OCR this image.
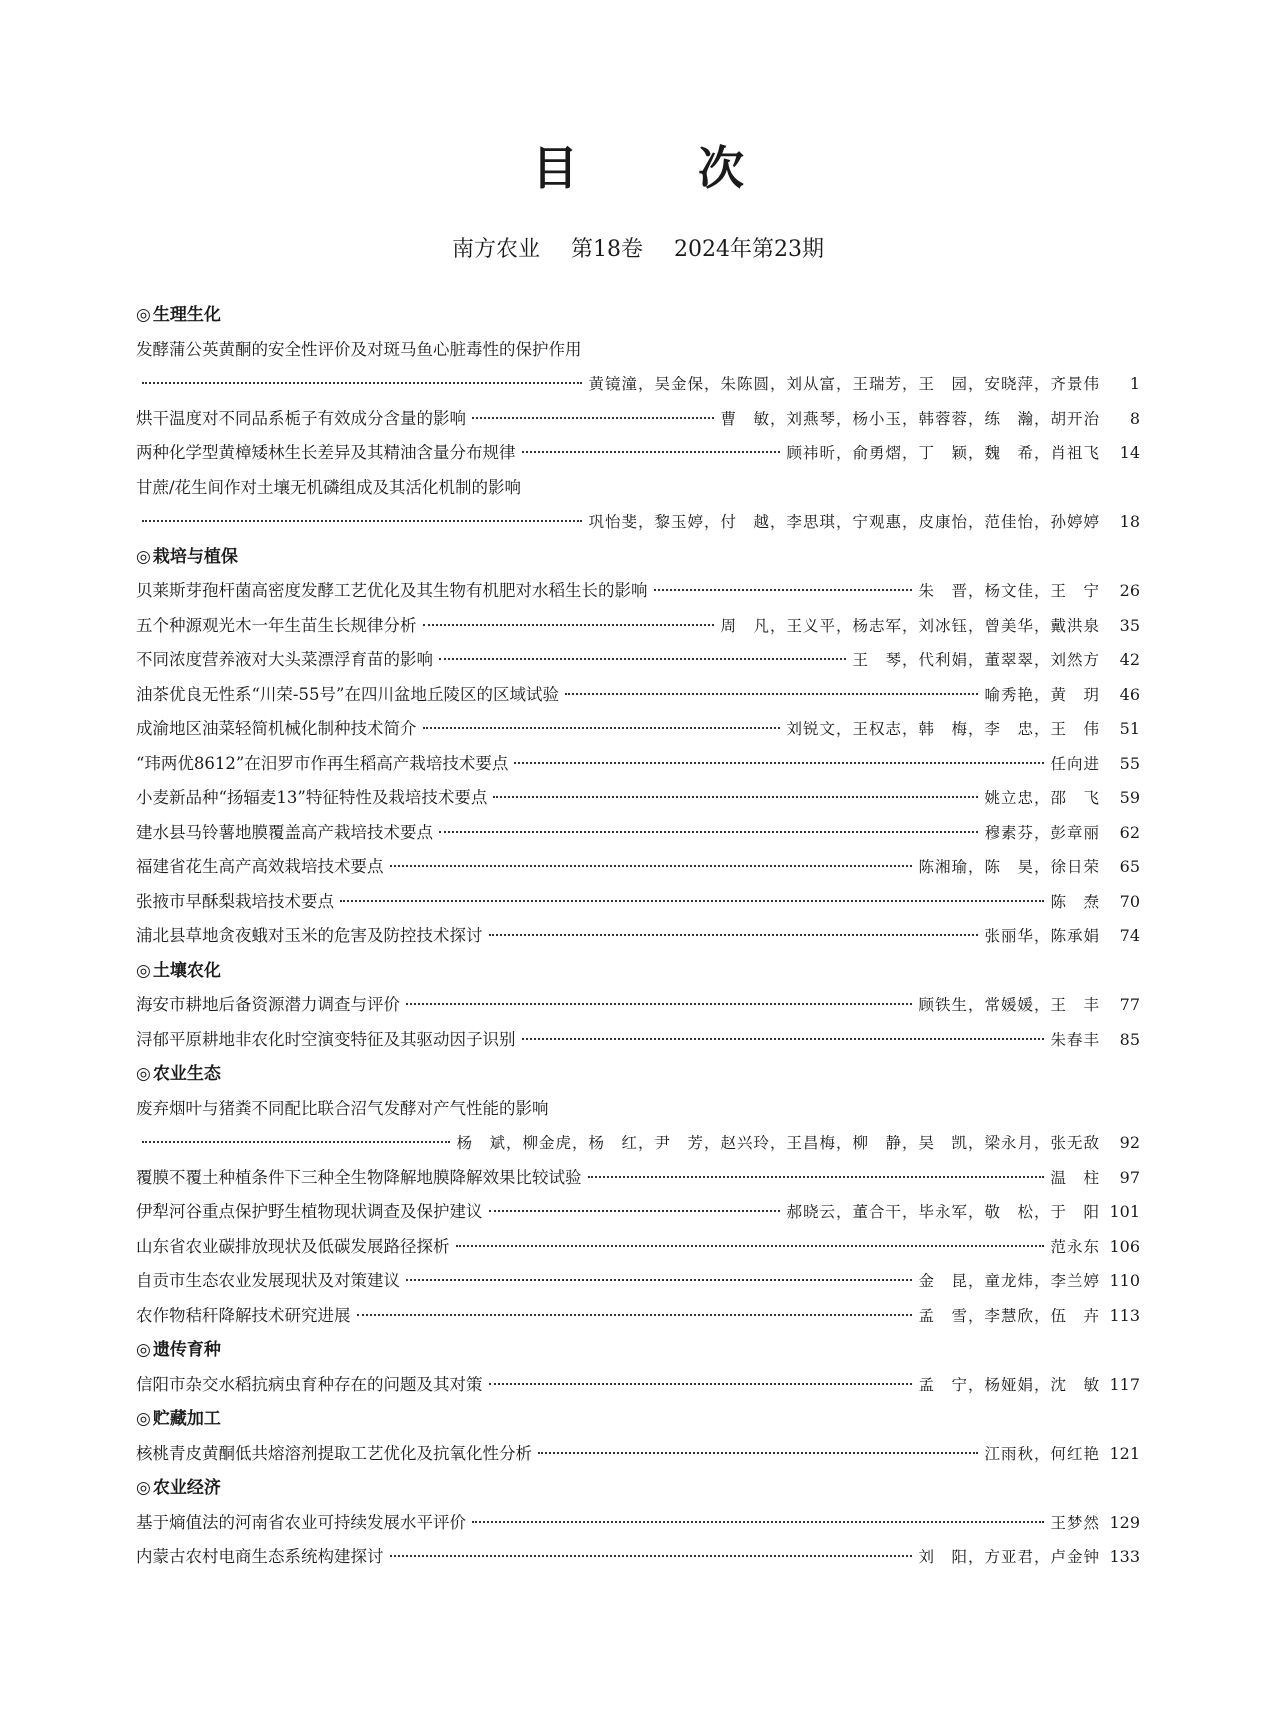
目 次

南方农业 第18卷 2024年第23期

◎ 生理生化
发酵蒲公英黄酮的安全性评价及对斑马鱼心脏毒性的保护作用
黄镜潼，吴金保，朱陈圆，刘从富，王瑞芳，王　园，安晓萍，齐景伟	1
烘干温度对不同品系栀子有效成分含量的影响	曹　敏，刘燕琴，杨小玉，韩蓉蓉，练　瀚，胡开治	8
两种化学型黄樟矮林生长差异及其精油含量分布规律	顾祎昕，俞勇熠，丁　颖，魏　希，肖祖飞	14
甘蔗/花生间作对土壤无机磷组成及其活化机制的影响
巩怡斐，黎玉婷，付　越，李思琪，宁观惠，皮康怡，范佳怡，孙婷婷	18
◎ 栽培与植保
贝莱斯芽孢杆菌高密度发酵工艺优化及其生物有机肥对水稻生长的影响	朱　晋，杨文佳，王　宁	26
五个种源观光木一年生苗生长规律分析	周　凡，王义平，杨志军，刘冰钰，曾美华，戴洪泉	35
不同浓度营养液对大头菜漂浮育苗的影响	王　琴，代利娟，董翠翠，刘然方	42
油茶优良无性系“川荣-55号”在四川盆地丘陵区的区域试验	喻秀艳，黄　玥	46
成渝地区油菜轻简机械化制种技术简介	刘锐文，王权志，韩　梅，李　忠，王　伟	51
“玮两优8612”在汨罗市作再生稻高产栽培技术要点	任向进	55
小麦新品种“扬辐麦13”特征特性及栽培技术要点	姚立忠，邵　飞	59
建水县马铃薯地膜覆盖高产栽培技术要点	穆素芬，彭章丽	62
福建省花生高产高效栽培技术要点	陈湘瑜，陈　昊，徐日荣	65
张掖市早酥梨栽培技术要点	陈　焘	70
浦北县草地贪夜蛾对玉米的危害及防控技术探讨	张丽华，陈承娟	74
◎ 土壤农化
海安市耕地后备资源潜力调查与评价	顾铁生，常媛媛，王　丰	77
浔郁平原耕地非农化时空演变特征及其驱动因子识别	朱春丰	85
◎ 农业生态
废弃烟叶与猪粪不同配比联合沼气发酵对产气性能的影响
杨　斌，柳金虎，杨　红，尹　芳，赵兴玲，王昌梅，柳　静，吴　凯，梁永月，张无敌	92
覆膜不覆土种植条件下三种全生物降解地膜降解效果比较试验	温　柱	97
伊犁河谷重点保护野生植物现状调查及保护建议	郝晓云，董合干，毕永军，敬　松，于　阳 101
山东省农业碳排放现状及低碳发展路径探析	范永东 106
自贡市生态农业发展现状及对策建议	金　昆，童龙炜，李兰婷 110
农作物秸秆降解技术研究进展	孟　雪，李慧欣，伍　卉 113
◎ 遗传育种
信阳市杂交水稻抗病虫育种存在的问题及其对策	孟　宁，杨娅娟，沈　敏 117
◎ 贮藏加工
核桃青皮黄酮低共熔溶剂提取工艺优化及抗氧化性分析	江雨秋，何红艳 121
◎ 农业经济
基于熵值法的河南省农业可持续发展水平评价	王梦然 129
内蒙古农村电商生态系统构建探讨	刘　阳，方亚君，卢金钟 133
